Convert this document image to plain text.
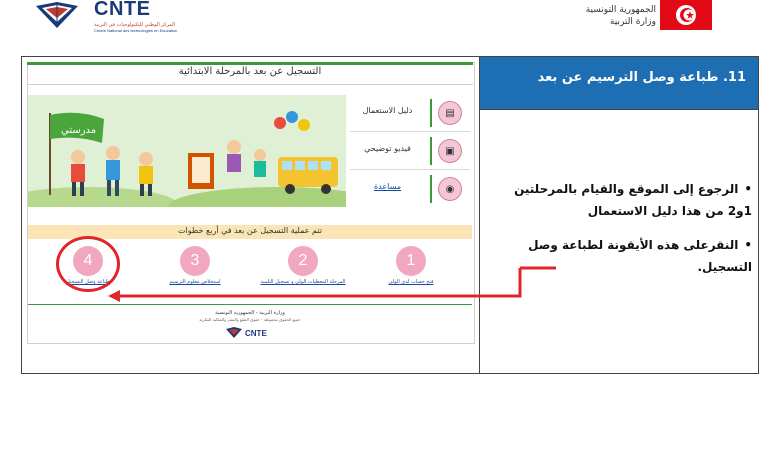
CNTE
المركز الوطني للتكنولوجيات في التربية
Centre National des technologies en Education
الجمهورية التونسية
وزارة التربية
11. طباعة وصل الترسيم عن بعد
• الرجوع إلى الموقع والقيام بالمرحلتين 1و2 من هذا دليل الاستعمال
• النقرعلى هذه الأيقونة لطباعة وصل التسجيل.
التسجيل عن بعد بالمرحلة الابتدائية
مدرستي
دليل الاستعمال	▤
فيديو توضيحي	▣
مساعدة	◉
تتم عملية التسجيل عن بعد في أربع خطوات
4
طباعة وصل التسجيل
3
استخلاص معلوم الترسيم
2
المرحلة المعطيات الولي و تسجيل التلميذ
1
فتح حساب لدى الولي
وزارة التربية - الجمهورية التونسية
جميع الحقوق محفوظة - حقوق الطبع والنشر والملكية الفكرية
CNTE
